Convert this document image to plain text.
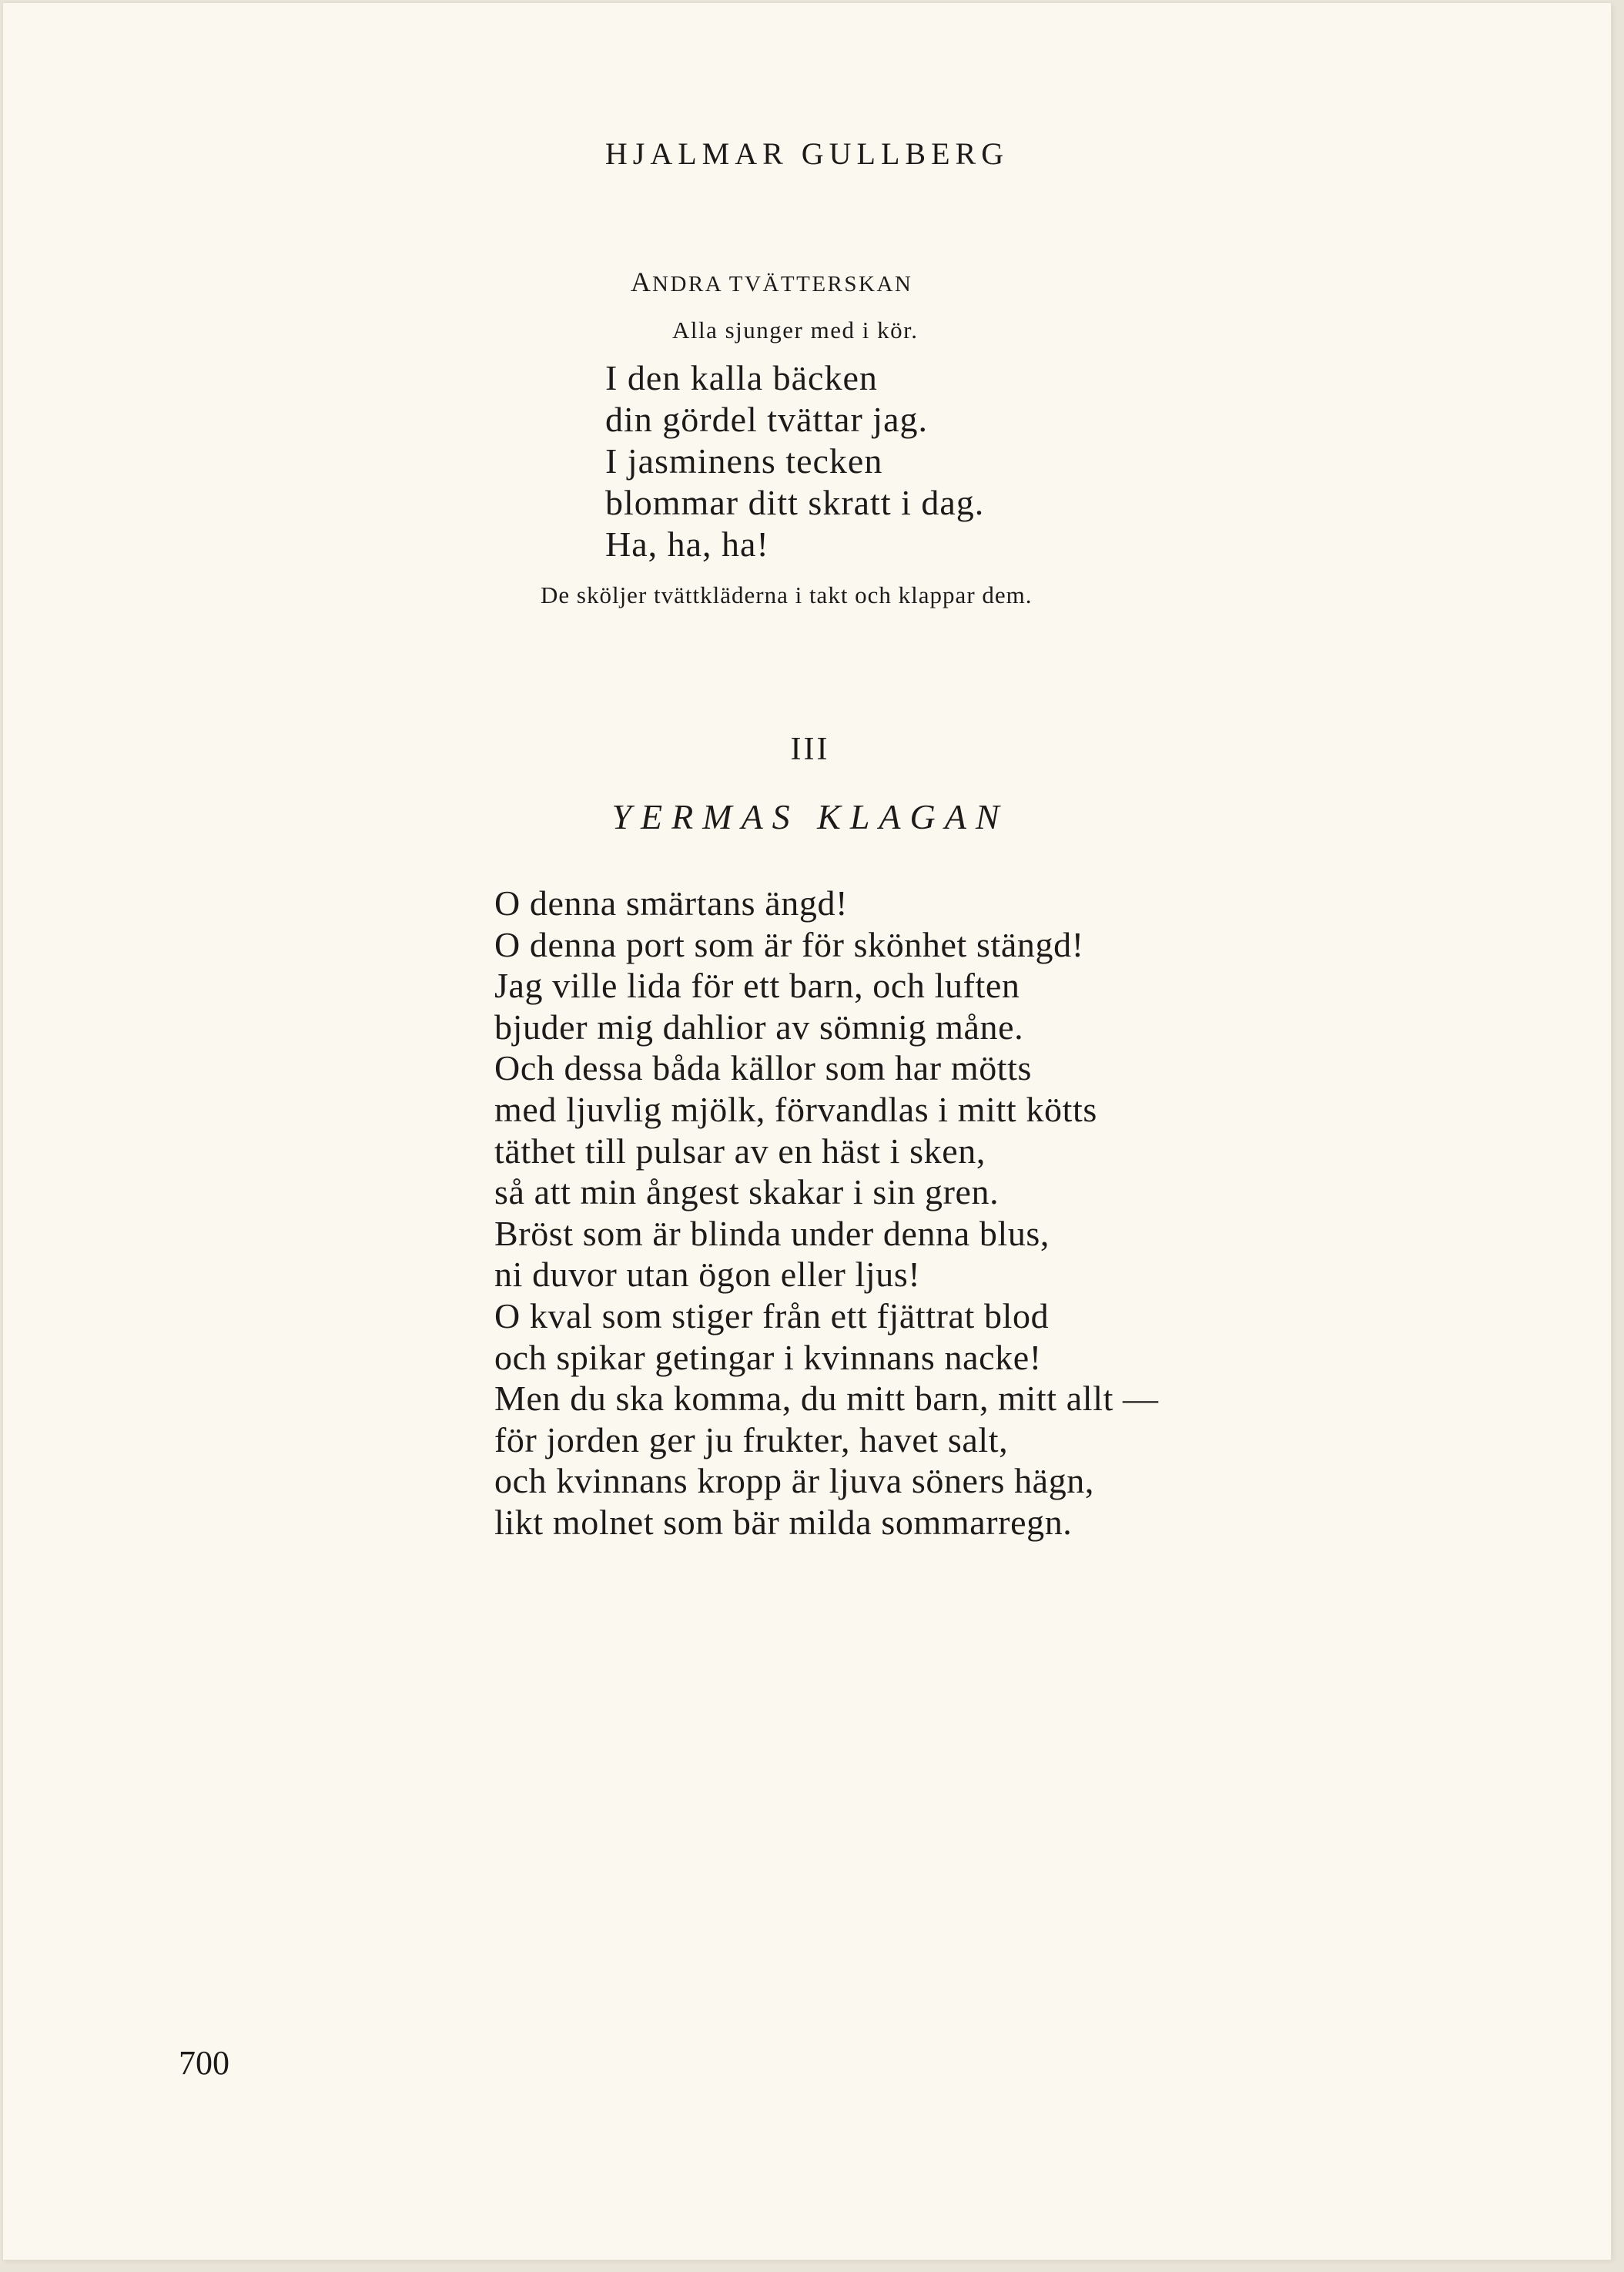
HJALMAR GULLBERG
ANDRA TVÄTTERSKAN
Alla sjunger med i kör.
I den kalla bäcken
din gördel tvättar jag.
I jasminens tecken
blommar ditt skratt i dag.
Ha, ha, ha!
De sköljer tvättkläderna i takt och klappar dem.
III
YERMAS KLAGAN
O denna smärtans ängd!
O denna port som är för skönhet stängd!
Jag ville lida för ett barn, och luften
bjuder mig dahlior av sömnig måne.
Och dessa båda källor som har mötts
med ljuvlig mjölk, förvandlas i mitt kötts
täthet till pulsar av en häst i sken,
så att min ångest skakar i sin gren.
Bröst som är blinda under denna blus,
ni duvor utan ögon eller ljus!
O kval som stiger från ett fjättrat blod
och spikar getingar i kvinnans nacke!
Men du ska komma, du mitt barn, mitt allt —
för jorden ger ju frukter, havet salt,
och kvinnans kropp är ljuva söners hägn,
likt molnet som bär milda sommarregn.
700
